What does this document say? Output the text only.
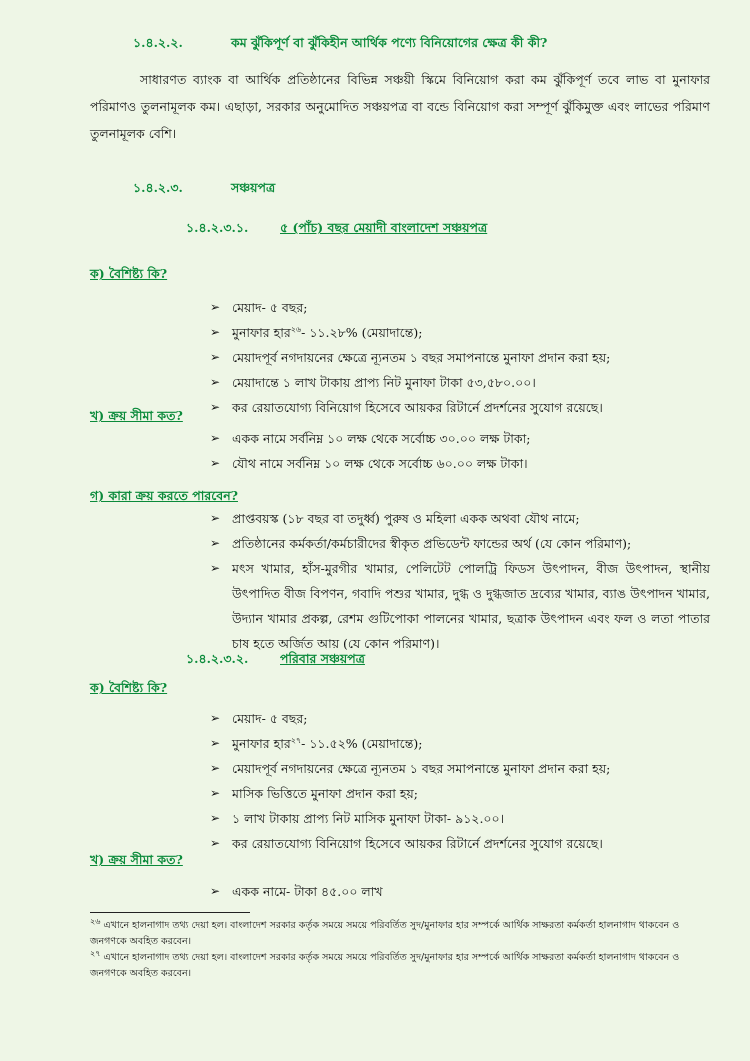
১.৪.২.২.	কম ঝুঁকিপূর্ণ বা ঝুঁকিহীন আর্থিক পণ্যে বিনিয়োগের ক্ষেত্র কী কী?
সাধারণত ব্যাংক বা আর্থিক প্রতিষ্ঠানের বিভিন্ন সঞ্চয়ী স্কিমে বিনিয়োগ করা কম ঝুঁকিপূর্ণ তবে লাভ বা মুনাফার পরিমাণও তুলনামূলক কম। এছাড়া, সরকার অনুমোদিত সঞ্চয়পত্র বা বন্ডে বিনিয়োগ করা সম্পূর্ণ ঝুঁকিমুক্ত এবং লাভের পরিমাণ তুলনামূলক বেশি।
১.৪.২.৩.	সঞ্চয়পত্র
১.৪.২.৩.১.	৫ (পাঁচ) বছর মেয়াদী বাংলাদেশ সঞ্চয়পত্র
ক) বৈশিষ্ট্য কি?
➢ মেয়াদ- ৫ বছর;
➢ মুনাফার হার$^{২৬}$- ১১.২৮% (মেয়াদান্তে);
➢ মেয়াদপূর্ব নগদায়নের ক্ষেত্রে ন্যূনতম ১ বছর সমাপনান্তে মুনাফা প্রদান করা হয়;
➢ মেয়াদান্তে ১ লাখ টাকায় প্রাপ্য নিট মুনাফা টাকা ৫৩,৫৮০.০০।
➢ কর রেয়াতযোগ্য বিনিয়োগ হিসেবে আয়কর রিটার্নে প্রদর্শনের সুযোগ রয়েছে।
খ) ক্রয় সীমা কত?
➢ একক নামে সর্বনিম্ন ১০ লক্ষ থেকে সর্বোচ্চ ৩০.০০ লক্ষ টাকা;
➢ যৌথ নামে সর্বনিম্ন ১০ লক্ষ থেকে সর্বোচ্চ ৬০.০০ লক্ষ টাকা।
গ) কারা ক্রয় করতে পারবেন?
➢ প্রাপ্তবয়স্ক (১৮ বছর বা তদুর্ধ্ব) পুরুষ ও মহিলা একক অথবা যৌথ নামে;
➢ প্রতিষ্ঠানের কর্মকর্তা/কর্মচারীদের স্বীকৃত প্রভিডেন্ট ফান্ডের অর্থ (যে কোন পরিমাণ);
➢ মৎস খামার, হাঁস-মুরগীর খামার, পেলিটেট পোলট্রি ফিডস উৎপাদন, বীজ উৎপাদন, স্থানীয় উৎপাদিত বীজ বিপণন, গবাদি পশুর খামার, দুগ্ধ ও দুগ্ধজাত দ্রব্যের খামার, ব্যাঙ উৎপাদন খামার, উদ্যান খামার প্রকল্প, রেশম গুটিপোকা পালনের খামার, ছত্রাক উৎপাদন এবং ফল ও লতা পাতার চাষ হতে অর্জিত আয় (যে কোন পরিমাণ)।
১.৪.২.৩.২.	পরিবার সঞ্চয়পত্র
ক) বৈশিষ্ট্য কি?
➢ মেয়াদ- ৫ বছর;
➢ মুনাফার হার$^{২৭}$- ১১.৫২% (মেয়াদান্তে);
➢ মেয়াদপূর্ব নগদায়নের ক্ষেত্রে ন্যূনতম ১ বছর সমাপনান্তে মুনাফা প্রদান করা হয়;
➢ মাসিক ভিত্তিতে মুনাফা প্রদান করা হয়;
➢ ১ লাখ টাকায় প্রাপ্য নিট মাসিক মুনাফা টাকা- ৯১২.০০।
➢ কর রেয়াতযোগ্য বিনিয়োগ হিসেবে আয়কর রিটার্নে প্রদর্শনের সুযোগ রয়েছে।
খ) ক্রয় সীমা কত?
➢ একক নামে- টাকা ৪৫.০০ লাখ
$^{২৬}$ এখানে হালনাগাদ তথ্য দেয়া হল। বাংলাদেশ সরকার কর্তৃক সময়ে সময়ে পরিবর্তিত সুদ/মুনাফার হার সম্পর্কে আর্থিক সাক্ষরতা কর্মকর্তা হালনাগাদ থাকবেন ও জনগণকে অবহিত করবেন।
$^{২৭}$ এখানে হালনাগাদ তথ্য দেয়া হল। বাংলাদেশ সরকার কর্তৃক সময়ে সময়ে পরিবর্তিত সুদ/মুনাফার হার সম্পর্কে আর্থিক সাক্ষরতা কর্মকর্তা হালনাগাদ থাকবেন ও জনগণকে অবহিত করবেন।
